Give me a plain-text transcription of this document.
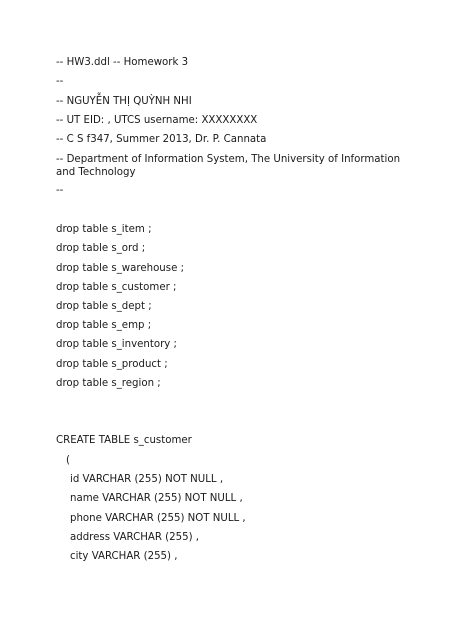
-- HW3.ddl -- Homework 3
--
-- NGUYỄN THỊ QUỲNH NHI
-- UT EID: , UTCS username: XXXXXXXX
-- C S f347, Summer 2013, Dr. P. Cannata
-- Department of Information System, The University of Information and Technology
--
drop table s_item ;
drop table s_ord ;
drop table s_warehouse ;
drop table s_customer ;
drop table s_dept ;
drop table s_emp ;
drop table s_inventory ;
drop table s_product ;
drop table s_region ;
CREATE TABLE s_customer
(
id VARCHAR (255) NOT NULL ,
name VARCHAR (255) NOT NULL ,
phone VARCHAR (255) NOT NULL ,
address VARCHAR (255) ,
city VARCHAR (255) ,
